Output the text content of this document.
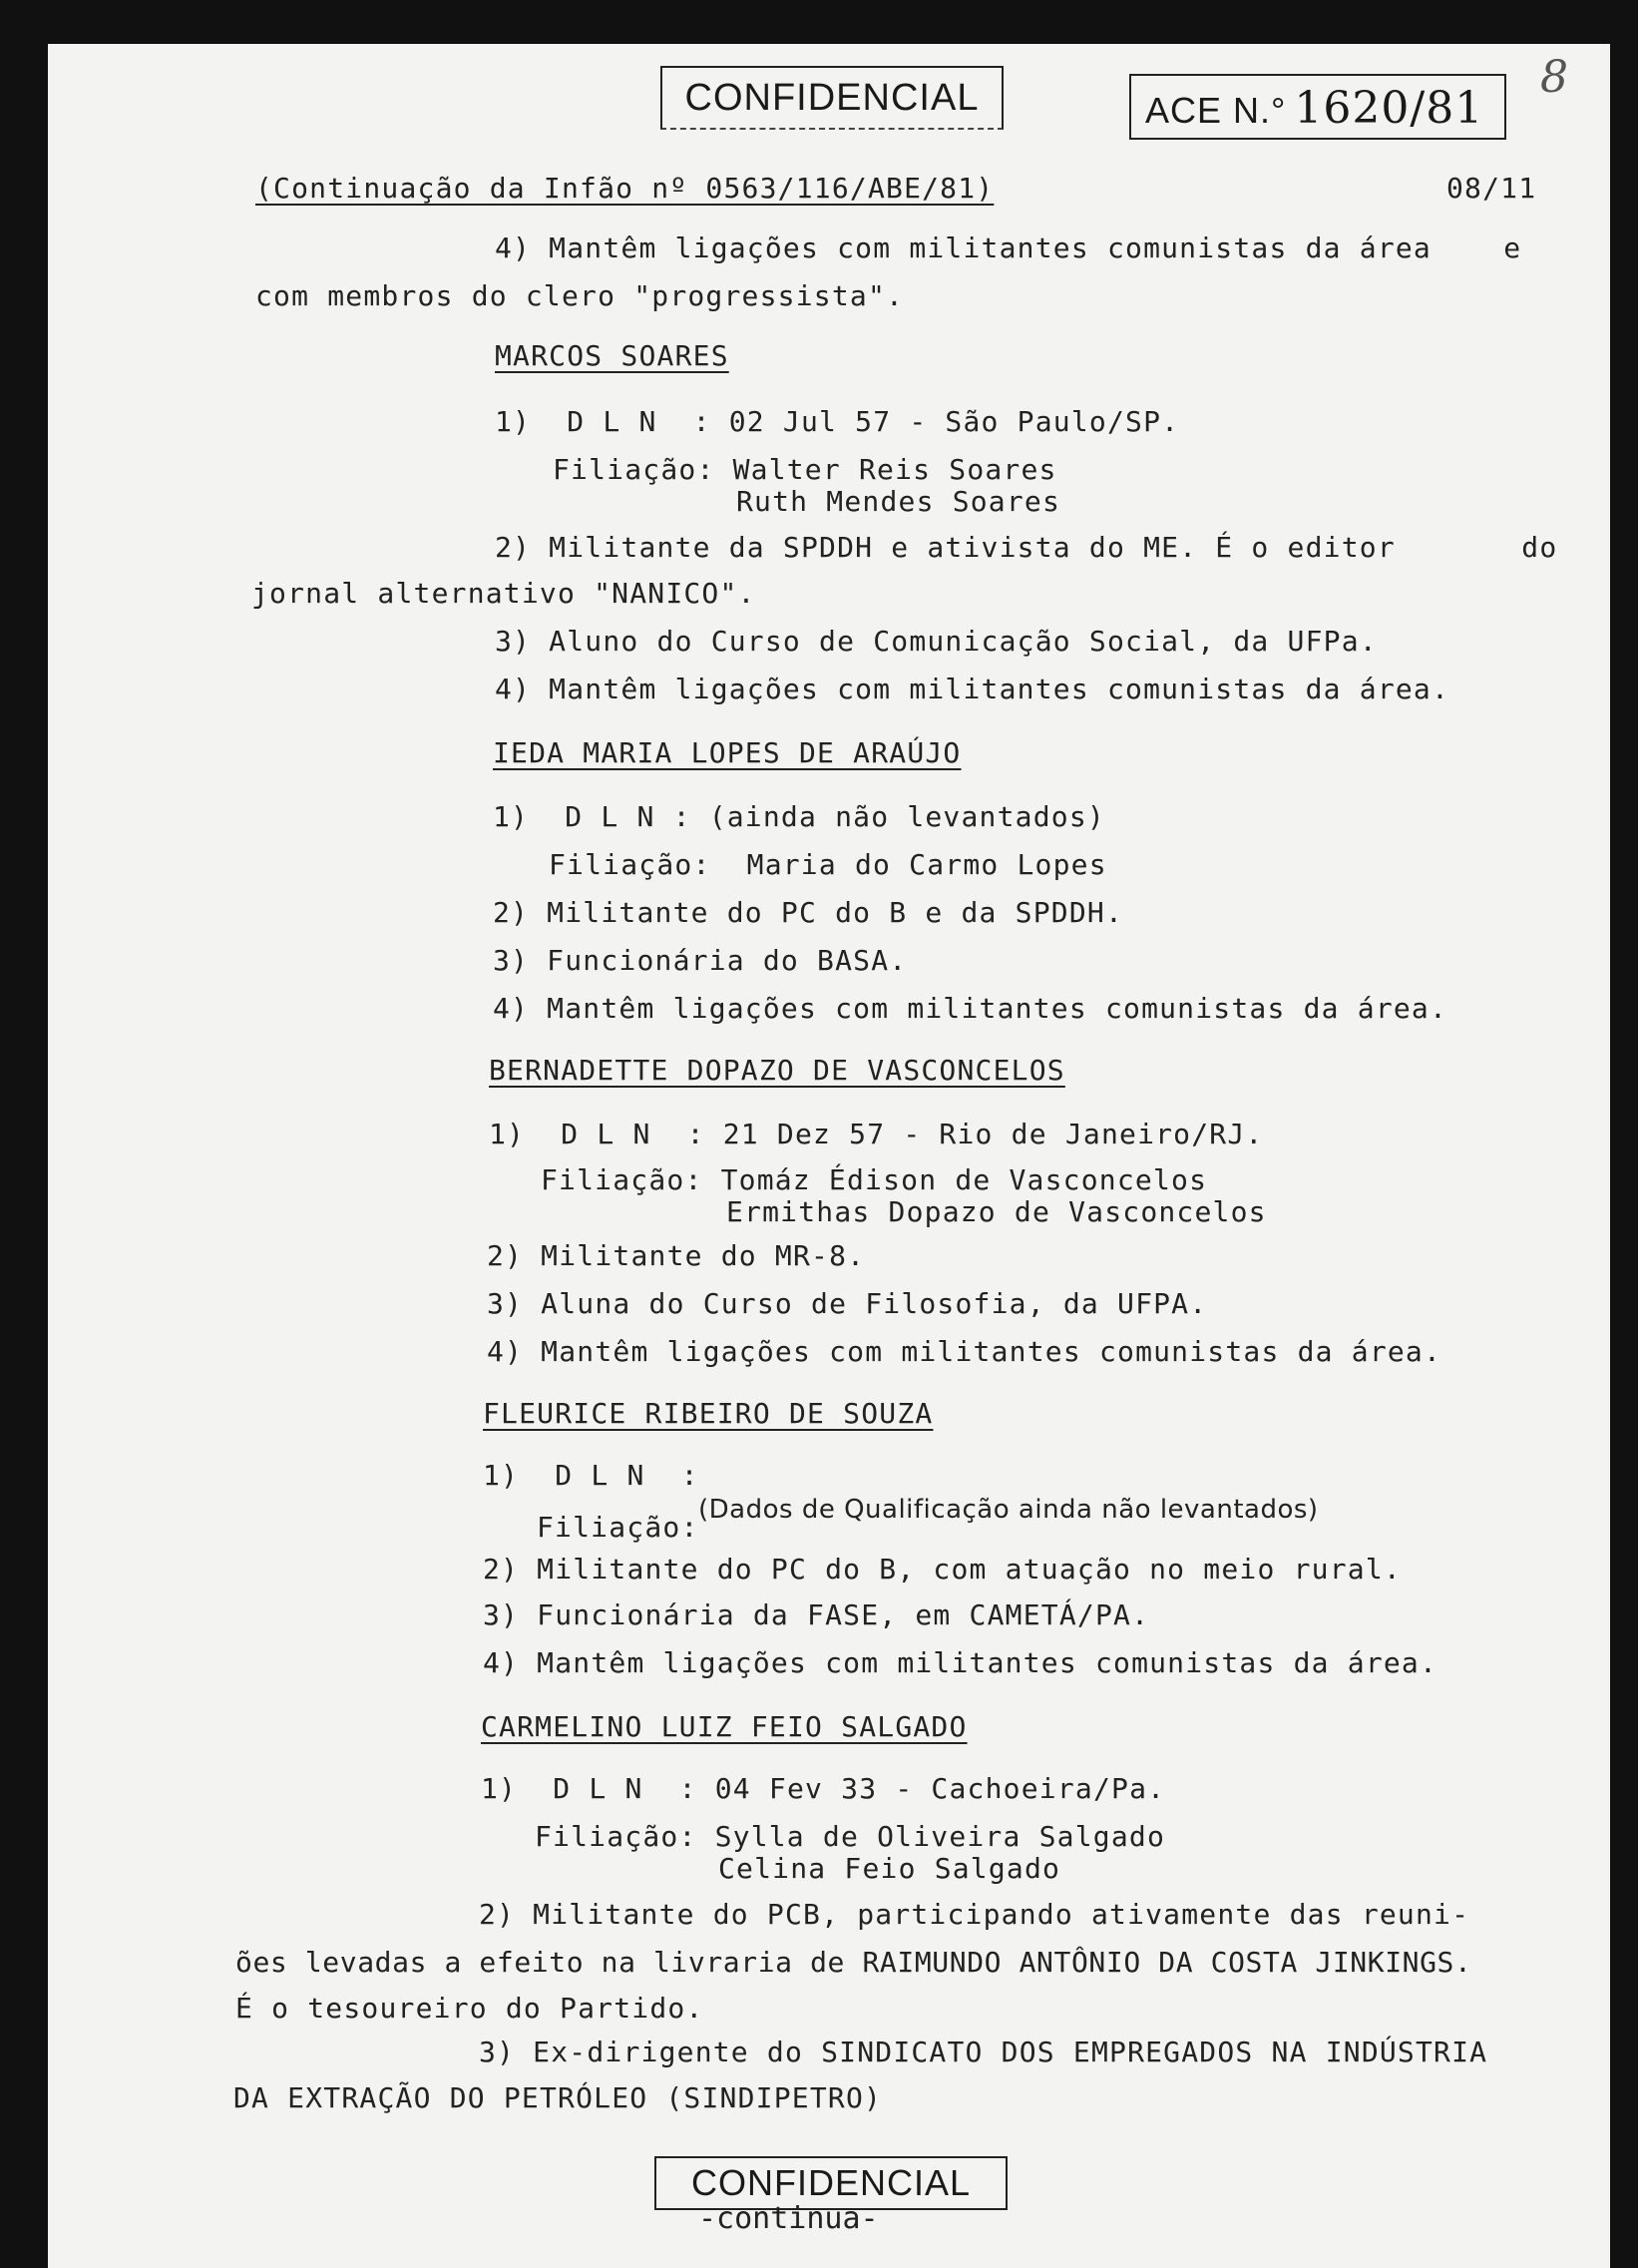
CONFIDENCIAL	ACE N.° 1620/81
8
(Continuação da Infão nº 0563/116/ABE/81)	08/11
4) Mantêm ligações com militantes comunistas da área    e
com membros do clero "progressista".
MARCOS SOARES
1)  D L N  : 02 Jul 57 - São Paulo/SP.
Filiação: Walter Reis Soares
Ruth Mendes Soares
2) Militante da SPDDH e ativista do ME. É o editor       do
jornal alternativo "NANICO".
3) Aluno do Curso de Comunicação Social, da UFPa.
4) Mantêm ligações com militantes comunistas da área.
IEDA MARIA LOPES DE ARAÚJO
1)  D L N : (ainda não levantados)
Filiação:  Maria do Carmo Lopes
2) Militante do PC do B e da SPDDH.
3) Funcionária do BASA.
4) Mantêm ligações com militantes comunistas da área.
BERNADETTE DOPAZO DE VASCONCELOS
1)  D L N  : 21 Dez 57 - Rio de Janeiro/RJ.
Filiação: Tomáz Édison de Vasconcelos
Ermithas Dopazo de Vasconcelos
2) Militante do MR-8.
3) Aluna do Curso de Filosofia, da UFPA.
4) Mantêm ligações com militantes comunistas da área.
FLEURICE RIBEIRO DE SOUZA
1)  D L N  :
Filiação:
(Dados de Qualificação ainda não levantados)
2) Militante do PC do B, com atuação no meio rural.
3) Funcionária da FASE, em CAMETÁ/PA.
4) Mantêm ligações com militantes comunistas da área.
CARMELINO LUIZ FEIO SALGADO
1)  D L N  : 04 Fev 33 - Cachoeira/Pa.
Filiação: Sylla de Oliveira Salgado
Celina Feio Salgado
2) Militante do PCB, participando ativamente das reuni-
ões levadas a efeito na livraria de RAIMUNDO ANTÔNIO DA COSTA JINKINGS.
É o tesoureiro do Partido.
3) Ex-dirigente do SINDICATO DOS EMPREGADOS NA INDÚSTRIA
DA EXTRAÇÃO DO PETRÓLEO (SINDIPETRO)
CONFIDENCIAL
-continua-
